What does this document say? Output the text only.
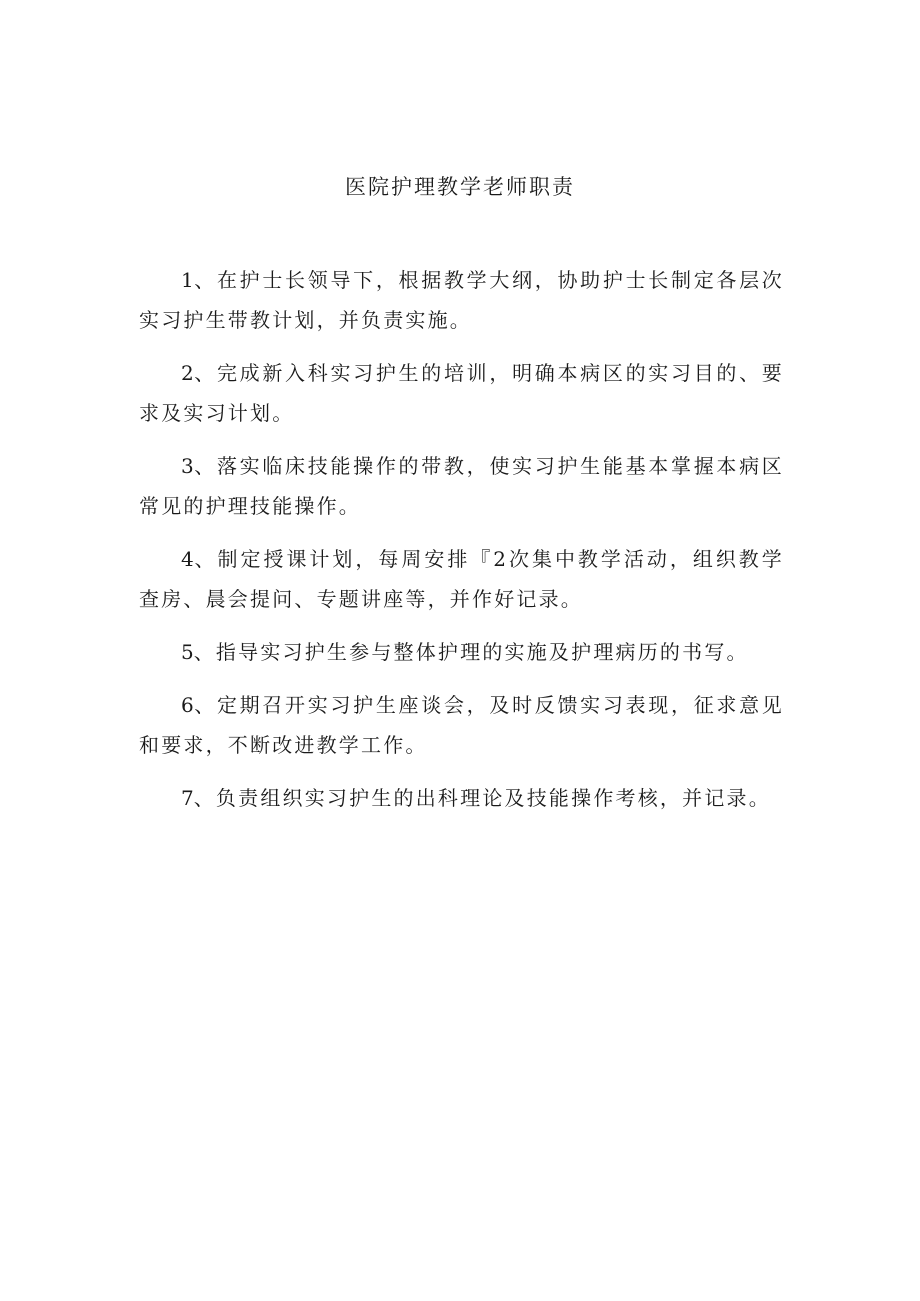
医院护理教学老师职责

1、在护士长领导下，根据教学大纲，协助护士长制定各层次实习护生带教计划，并负责实施。

2、完成新入科实习护生的培训，明确本病区的实习目的、要求及实习计划。

3、落实临床技能操作的带教，使实习护生能基本掌握本病区常见的护理技能操作。

4、制定授课计划，每周安排『2次集中教学活动，组织教学查房、晨会提问、专题讲座等，并作好记录。

5、指导实习护生参与整体护理的实施及护理病历的书写。

6、定期召开实习护生座谈会，及时反馈实习表现，征求意见和要求，不断改进教学工作。

7、负责组织实习护生的出科理论及技能操作考核，并记录。
